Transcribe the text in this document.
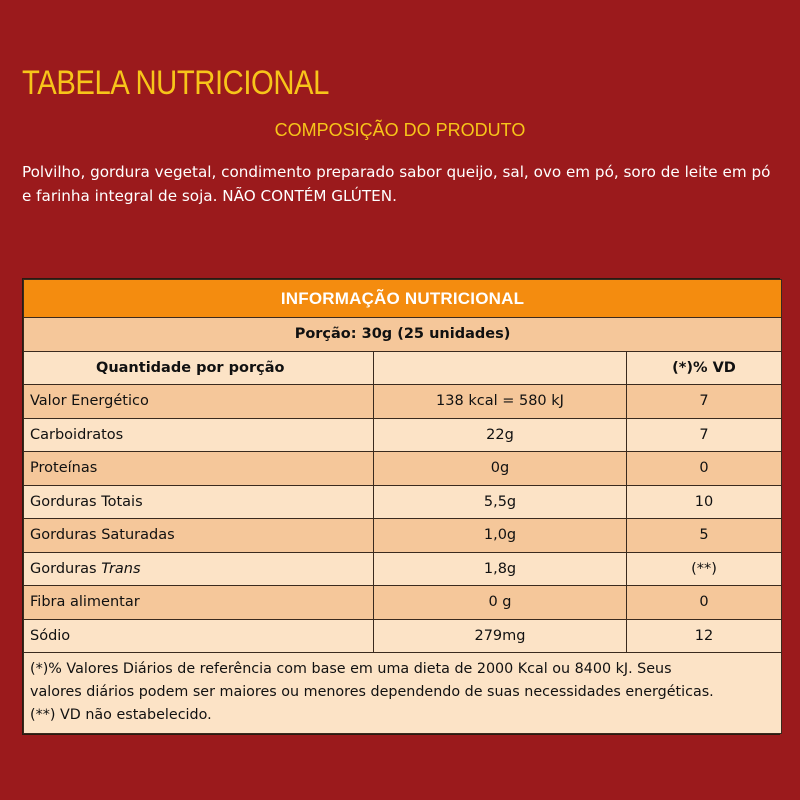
TABELA NUTRICIONAL
COMPOSIÇÃO DO PRODUTO
Polvilho, gordura vegetal, condimento preparado sabor queijo, sal, ovo em pó, soro de leite em pó e farinha integral de soja. NÃO CONTÉM GLÚTEN.
INFORMAÇÃO NUTRICIONAL		
Porção: 30g (25 unidades)		
Quantidade por porção		(*)% VD
Valor Energético	138 kcal = 580 kJ	7
Carboidratos	22g	7
Proteínas	0g	0
Gorduras Totais	5,5g	10
Gorduras Saturadas	1,0g	5
Gorduras Trans	1,8g	(**)
Fibra alimentar	0 g	0
Sódio	279mg	12

(*)% Valores Diários de referência com base em uma dieta de 2000 Kcal ou 8400 kJ. Seus
valores diários podem ser maiores ou menores dependendo de suas necessidades energéticas.
(**) VD não estabelecido.		
